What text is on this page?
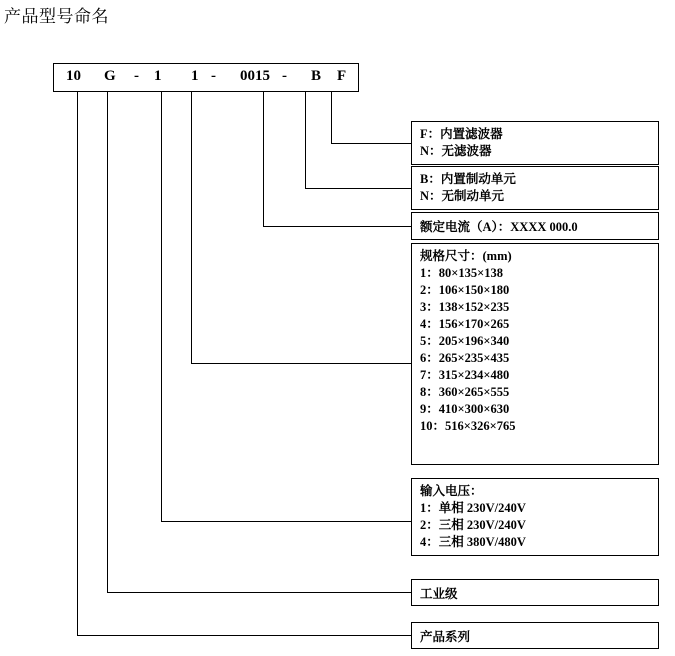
产品型号命名
10 G - 1 1 - 0015 - B F
F：内置滤波器
N：无滤波器
B：内置制动单元
N：无制动单元
额定电流（A）：XXXX 000.0
规格尺寸：(mm)
1：80×135×138
2：106×150×180
3：138×152×235
4：156×170×265
5：205×196×340
6：265×235×435
7：315×234×480
8：360×265×555
9：410×300×630
10：516×326×765
输入电压：
1：单相 230V/240V
2：三相 230V/240V
4：三相 380V/480V
工业级
产品系列
